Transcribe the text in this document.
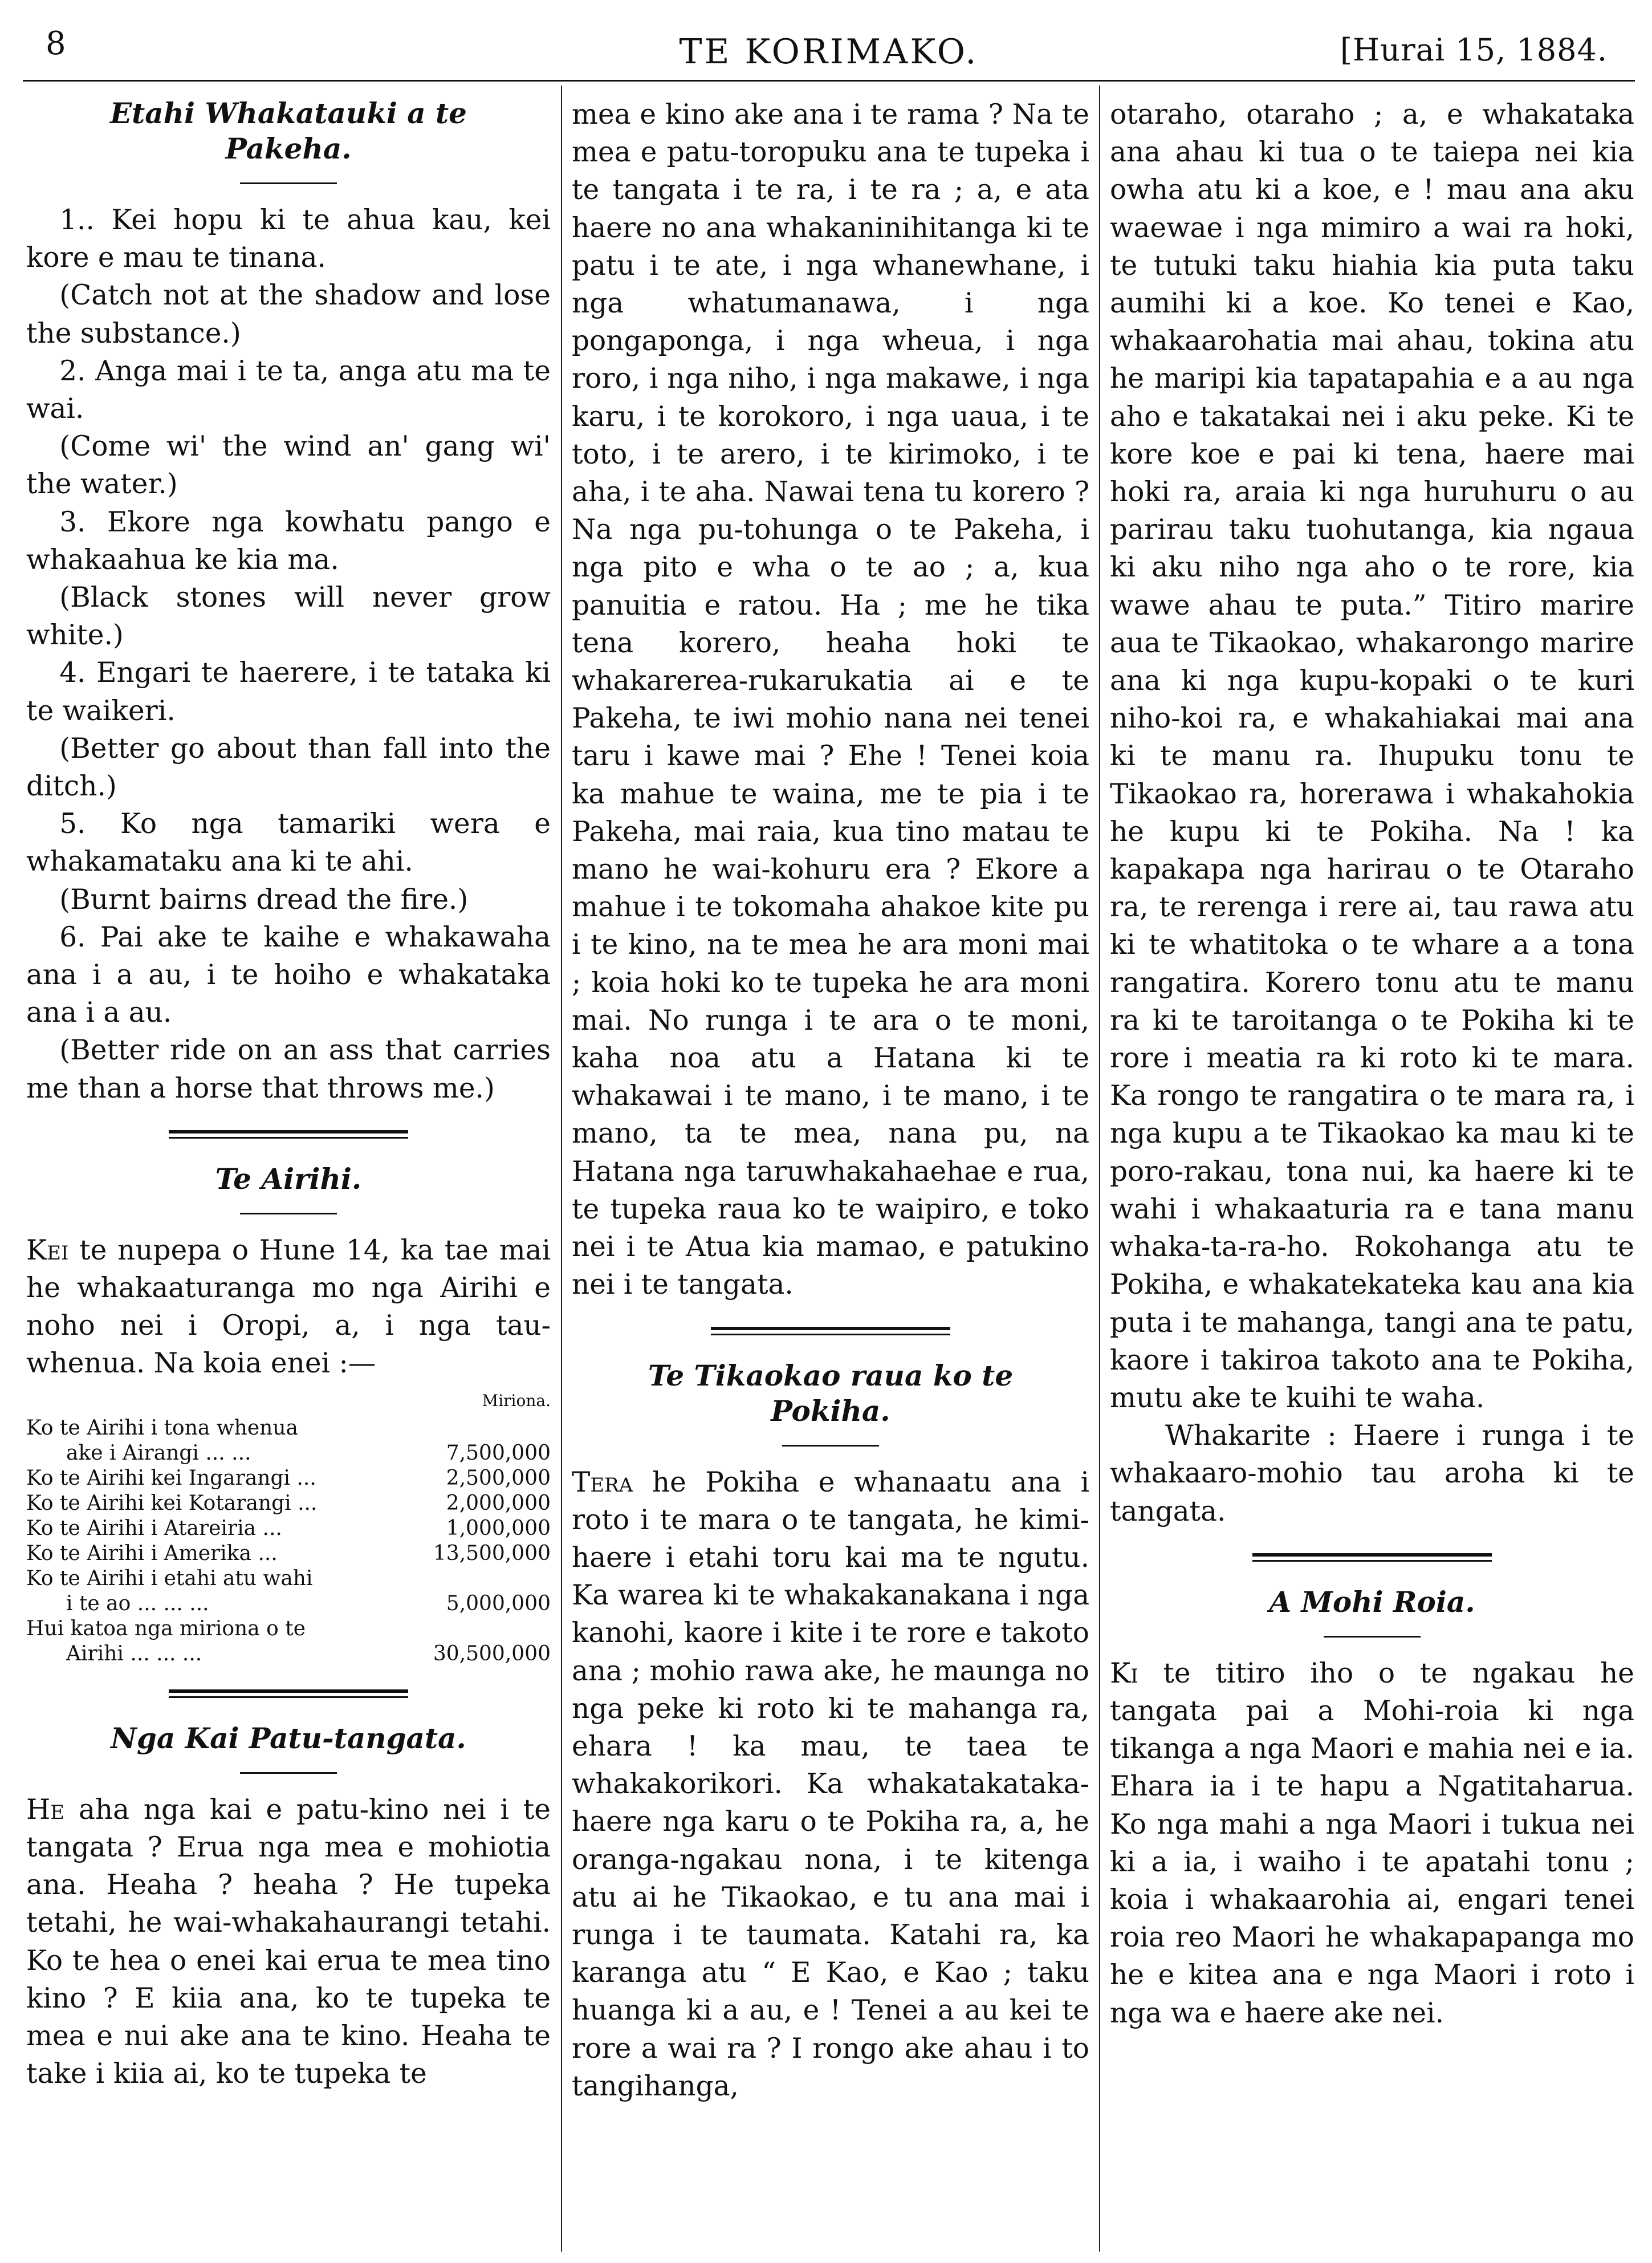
8	TE KORIMAKO.	[Hurai 15, 1884.

Etahi Whakatauki a te
Pakeha.

1.. Kei hopu ki te ahua kau, kei kore e mau te tinana.

(Catch not at the shadow and lose the substance.)

2. Anga mai i te ta, anga atu ma te wai.

(Come wi' the wind an' gang wi' the water.)

3. Ekore nga kowhatu pango e whakaahua ke kia ma.

(Black stones will never grow white.)

4. Engari te haerere, i te tataka ki te waikeri.

(Better go about than fall into the ditch.)

5. Ko nga tamariki wera e whakamataku ana ki te ahi.

(Burnt bairns dread the fire.)

6. Pai ake te kaihe e whakawaha ana i a au, i te hoiho e whakataka ana i a au.

(Better ride on an ass that carries me than a horse that throws me.)

Te Airihi.

Kei te nupepa o Hune 14, ka tae mai he whakaaturanga mo nga Airihi e noho nei i Oropi, a, i nga tau-whenua. Na koia enei :—

	Miriona.
Ko te Airihi i tona whenua	
ake i Airangi ... ...	7,500,000
Ko te Airihi kei Ingarangi ...	2,500,000
Ko te Airihi kei Kotarangi ...	2,000,000
Ko te Airihi i Atareiria ...	1,000,000
Ko te Airihi i Amerika ...	13,500,000
Ko te Airihi i etahi atu wahi	
i te ao ... ... ...	5,000,000
Hui katoa nga miriona o te	
Airihi ... ... ...	30,500,000

Nga Kai Patu-tangata.

He aha nga kai e patu-kino nei i te tangata ? Erua nga mea e mohiotia ana. Heaha ? heaha ? He tupeka tetahi, he wai-whakahaurangi tetahi. Ko te hea o enei kai erua te mea tino kino ? E kiia ana, ko te tupeka te mea e nui ake ana te kino. Heaha te take i kiia ai, ko te tupeka te

mea e kino ake ana i te rama ? Na te mea e patu-toropuku ana te tupeka i te tangata i te ra, i te ra ; a, e ata haere no ana whakaninihitanga ki te patu i te ate, i nga whanewhane, i nga whatumanawa, i nga pongaponga, i nga wheua, i nga roro, i nga niho, i nga makawe, i nga karu, i te korokoro, i nga uaua, i te toto, i te arero, i te kirimoko, i te aha, i te aha. Nawai tena tu korero ? Na nga pu-tohunga o te Pakeha, i nga pito e wha o te ao ; a, kua panuitia e ratou. Ha ; me he tika tena korero, heaha hoki te whakarerea-rukarukatia ai e te Pakeha, te iwi mohio nana nei tenei taru i kawe mai ? Ehe ! Tenei koia ka mahue te waina, me te pia i te Pakeha, mai raia, kua tino matau te mano he wai-kohuru era ? Ekore a mahue i te tokomaha ahakoe kite pu i te kino, na te mea he ara moni mai ; koia hoki ko te tupeka he ara moni mai. No runga i te ara o te moni, kaha noa atu a Hatana ki te whakawai i te mano, i te mano, i te mano, ta te mea, nana pu, na Hatana nga taruwhakahaehae e rua, te tupeka raua ko te waipiro, e toko nei i te Atua kia mamao, e patukino nei i te tangata.

Te Tikaokao raua ko te
Pokiha.

Tera he Pokiha e whanaatu ana i roto i te mara o te tangata, he kimi-haere i etahi toru kai ma te ngutu. Ka warea ki te whakakanakana i nga kanohi, kaore i kite i te rore e takoto ana ; mohio rawa ake, he maunga no nga peke ki roto ki te mahanga ra, ehara ! ka mau, te taea te whakakorikori. Ka whakatakataka-haere nga karu o te Pokiha ra, a, he oranga-ngakau nona, i te kitenga atu ai he Tikaokao, e tu ana mai i runga i te taumata. Katahi ra, ka karanga atu “ E Kao, e Kao ; taku huanga ki a au, e ! Tenei a au kei te rore a wai ra ? I rongo ake ahau i to tangihanga,

otaraho, otaraho ; a, e whakataka ana ahau ki tua o te taiepa nei kia owha atu ki a koe, e ! mau ana aku waewae i nga mimiro a wai ra hoki, te tutuki taku hiahia kia puta taku aumihi ki a koe. Ko tenei e Kao, whakaarohatia mai ahau, tokina atu he maripi kia tapatapahia e a au nga aho e takatakai nei i aku peke. Ki te kore koe e pai ki tena, haere mai hoki ra, araia ki nga huruhuru o au parirau taku tuohutanga, kia ngaua ki aku niho nga aho o te rore, kia wawe ahau te puta.” Titiro marire aua te Tikaokao, whakarongo marire ana ki nga kupu-kopaki o te kuri niho-koi ra, e whakahiakai mai ana ki te manu ra. Ihupuku tonu te Tikaokao ra, horerawa i whakahokia he kupu ki te Pokiha. Na ! ka kapakapa nga harirau o te Otaraho ra, te rerenga i rere ai, tau rawa atu ki te whatitoka o te whare a a tona rangatira. Korero tonu atu te manu ra ki te taroitanga o te Pokiha ki te rore i meatia ra ki roto ki te mara. Ka rongo te rangatira o te mara ra, i nga kupu a te Tikaokao ka mau ki te poro-rakau, tona nui, ka haere ki te wahi i whakaaturia ra e tana manu whaka-ta-ra-ho. Rokohanga atu te Pokiha, e whakatekateka kau ana kia puta i te mahanga, tangi ana te patu, kaore i takiroa takoto ana te Pokiha, mutu ake te kuihi te waha.

Whakarite : Haere i runga i te whakaaro-mohio tau aroha ki te tangata.

A Mohi Roia.

Ki te titiro iho o te ngakau he tangata pai a Mohi-roia ki nga tikanga a nga Maori e mahia nei e ia. Ehara ia i te hapu a Ngatitaharua. Ko nga mahi a nga Maori i tukua nei ki a ia, i waiho i te apatahi tonu ; koia i whakaarohia ai, engari tenei roia reo Maori he whakapapanga mo he e kitea ana e nga Maori i roto i nga wa e haere ake nei.
